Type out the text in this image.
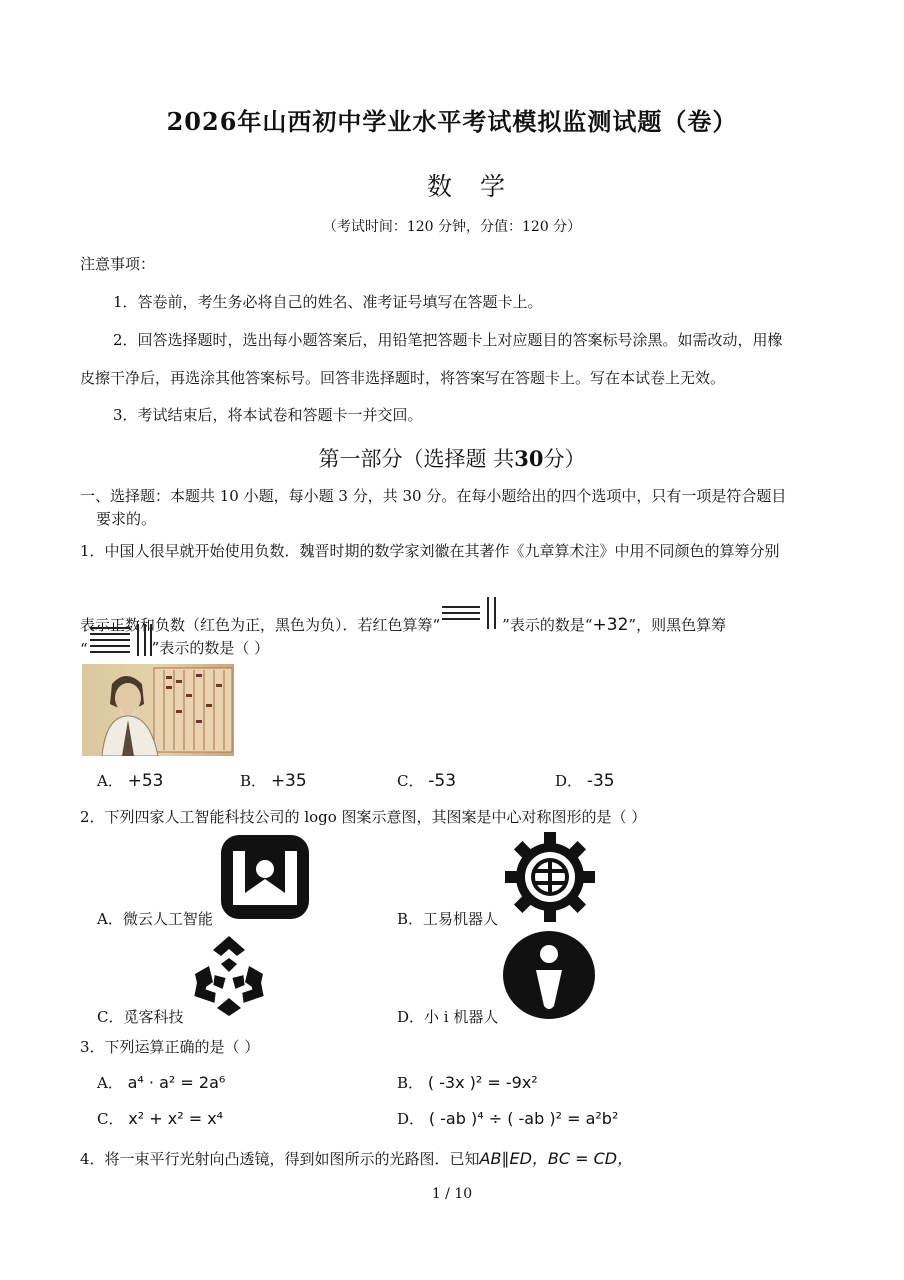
2026年山西初中学业水平考试模拟监测试题（卷）
数学
（考试时间：120 分钟，分值：120 分）
注意事项：
1．答卷前，考生务必将自己的姓名、准考证号填写在答题卡上。
2．回答选择题时，选出每小题答案后，用铅笔把答题卡上对应题目的答案标号涂黑。如需改动，用橡
皮擦干净后，再选涂其他答案标号。回答非选择题时，将答案写在答题卡上。写在本试卷上无效。
3．考试结束后，将本试卷和答题卡一并交回。
第一部分（选择题 共30分）
一、选择题：本题共 10 小题，每小题 3 分，共 30 分。在每小题给出的四个选项中，只有一项是符合题目
要求的。
1．中国人很早就开始使用负数．魏晋时期的数学家刘徽在其著作《九章算术注》中用不同颜色的算筹分别
表示正数和负数（红色为正，黑色为负）．若红色算筹“	”表示的数是“ +32 ”，则黑色算筹
“	”表示的数是（ ）
A． +53	B． +35	C． -53	D． -35
2．下列四家人工智能科技公司的 logo 图案示意图，其图案是中心对称图形的是（ ）
A．微云人工智能	B．工易机器人
C．觅客科技	D．小 i 机器人
3．下列运算正确的是（ ）
A． a⁴ · a² = 2a⁶	B． ( -3x )² = -9x²
C． x² + x² = x⁴	D． ( -ab )⁴ ÷ ( -ab )² = a²b²
4．将一束平行光射向凸透镜，得到如图所示的光路图．已知AB∥ED，BC = CD，
1 / 10
